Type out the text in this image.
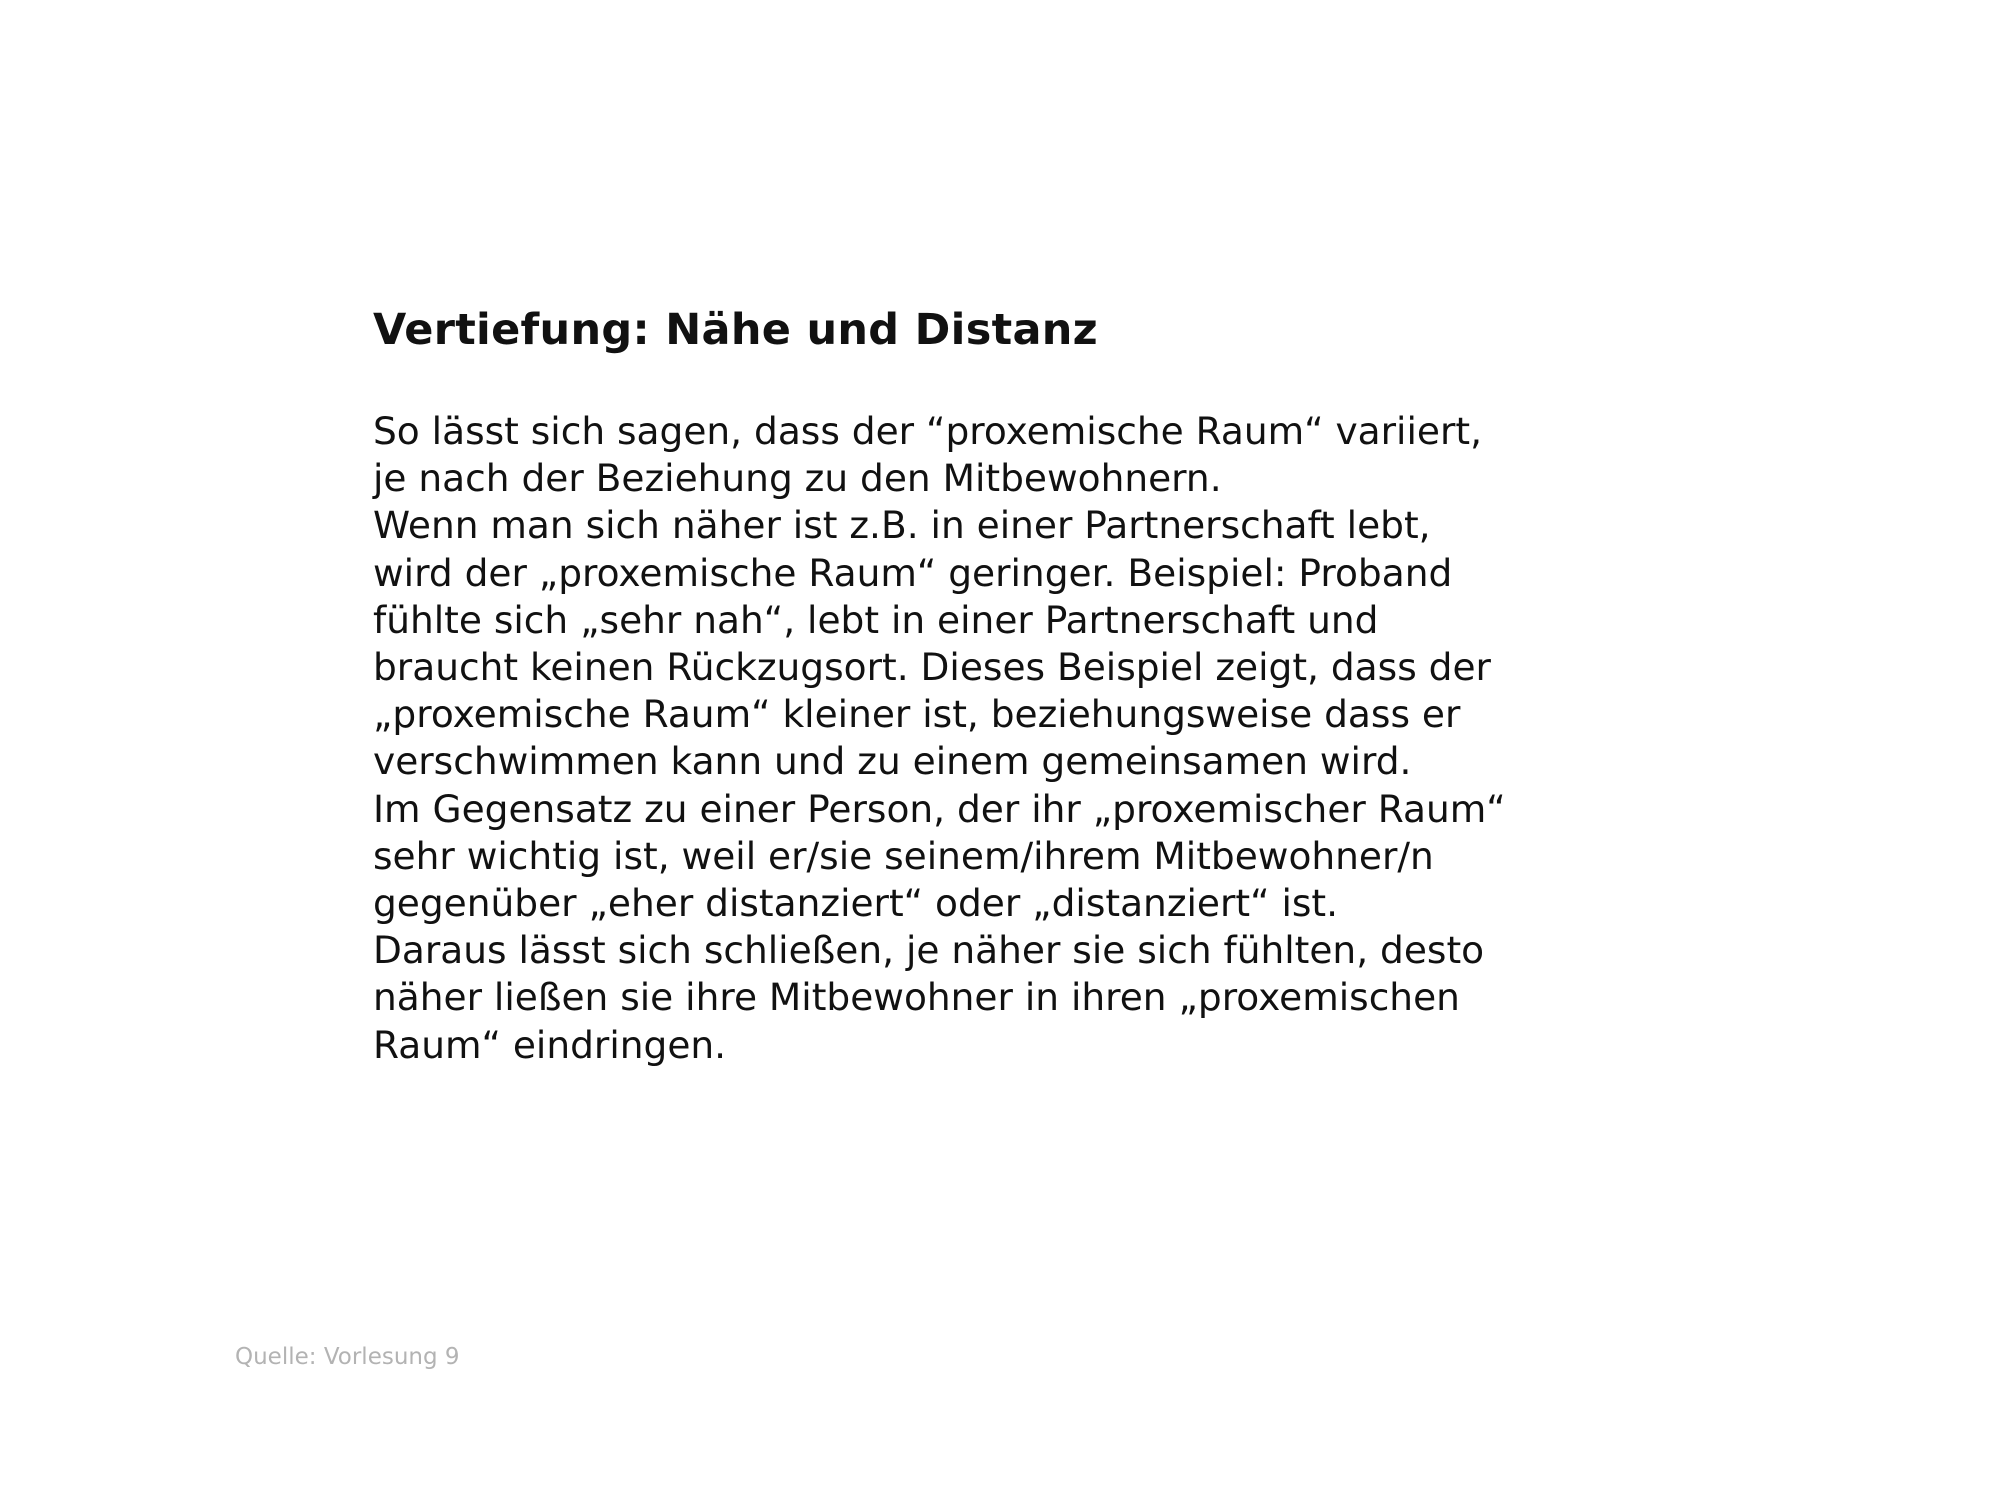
Vertiefung: Nähe und Distanz
So lässt sich sagen, dass der “proxemische Raum“ variiert,
je nach der Beziehung zu den Mitbewohnern.
Wenn man sich näher ist z.B. in einer Partnerschaft lebt,
wird der „proxemische Raum“ geringer. Beispiel: Proband
fühlte sich „sehr nah“, lebt in einer Partnerschaft und
braucht keinen Rückzugsort. Dieses Beispiel zeigt, dass der
„proxemische Raum“ kleiner ist, beziehungsweise dass er
verschwimmen kann und zu einem gemeinsamen wird.
Im Gegensatz zu einer Person, der ihr „proxemischer Raum“
sehr wichtig ist, weil er/sie seinem/ihrem Mitbewohner/n
gegenüber „eher distanziert“ oder „distanziert“ ist.
Daraus lässt sich schließen, je näher sie sich fühlten, desto
näher ließen sie ihre Mitbewohner in ihren „proxemischen
Raum“ eindringen.

Quelle: Vorlesung 9
